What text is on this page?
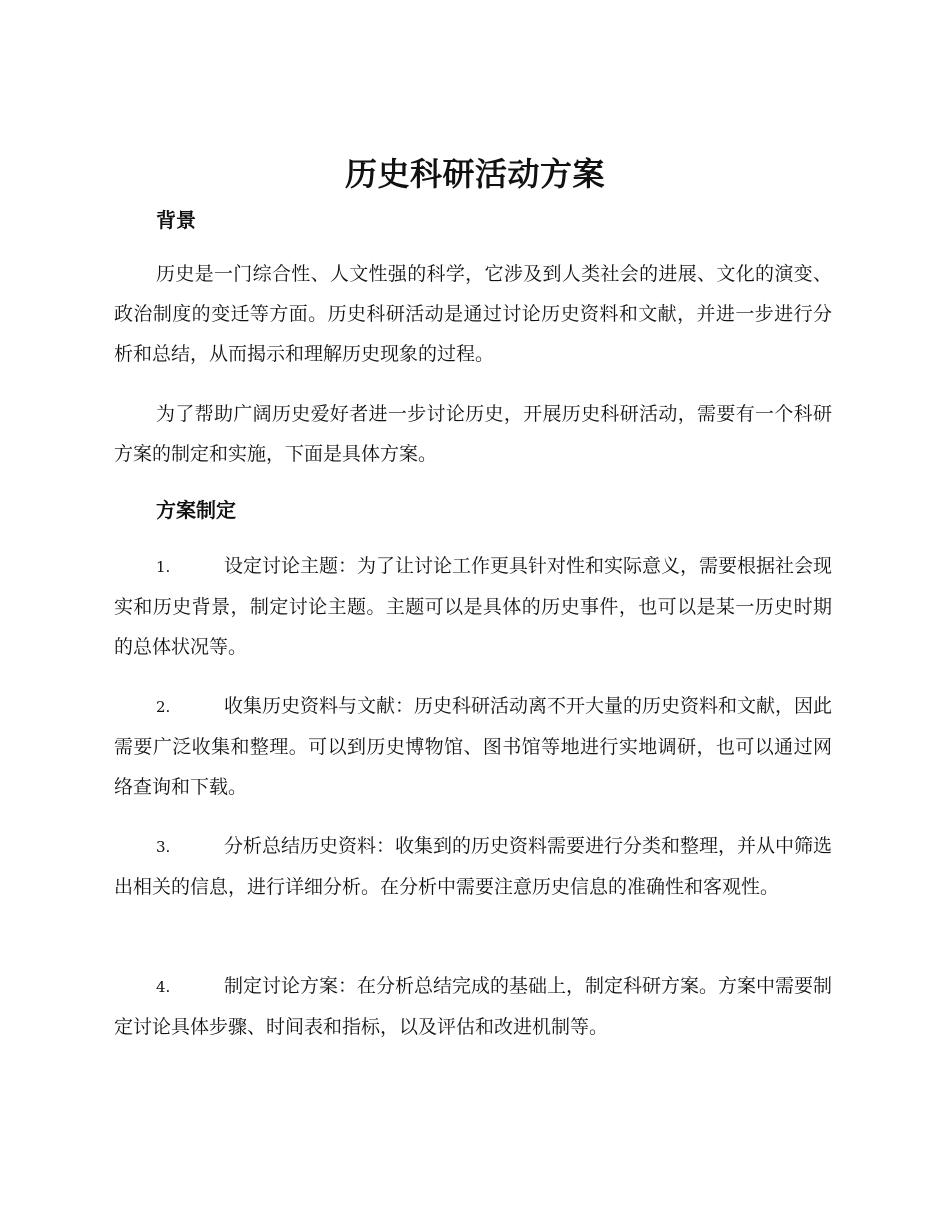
历史科研活动方案
背景

历史是一门综合性、人文性强的科学，它涉及到人类社会的进展、文化的演变、政治制度的变迁等方面。历史科研活动是通过讨论历史资料和文献，并进一步进行分析和总结，从而揭示和理解历史现象的过程。

为了帮助广阔历史爱好者进一步讨论历史，开展历史科研活动，需要有一个科研方案的制定和实施，下面是具体方案。

方案制定
1.	设定讨论主题：为了让讨论工作更具针对性和实际意义，需要根据社会现实和历史背景，制定讨论主题。主题可以是具体的历史事件，也可以是某一历史时期的总体状况等。
2.	收集历史资料与文献：历史科研活动离不开大量的历史资料和文献，因此需要广泛收集和整理。可以到历史博物馆、图书馆等地进行实地调研，也可以通过网络查询和下载。
3.	分析总结历史资料：收集到的历史资料需要进行分类和整理，并从中筛选出相关的信息，进行详细分析。在分析中需要注意历史信息的准确性和客观性。
4.	制定讨论方案：在分析总结完成的基础上，制定科研方案。方案中需要制定讨论具体步骤、时间表和指标，以及评估和改进机制等。
